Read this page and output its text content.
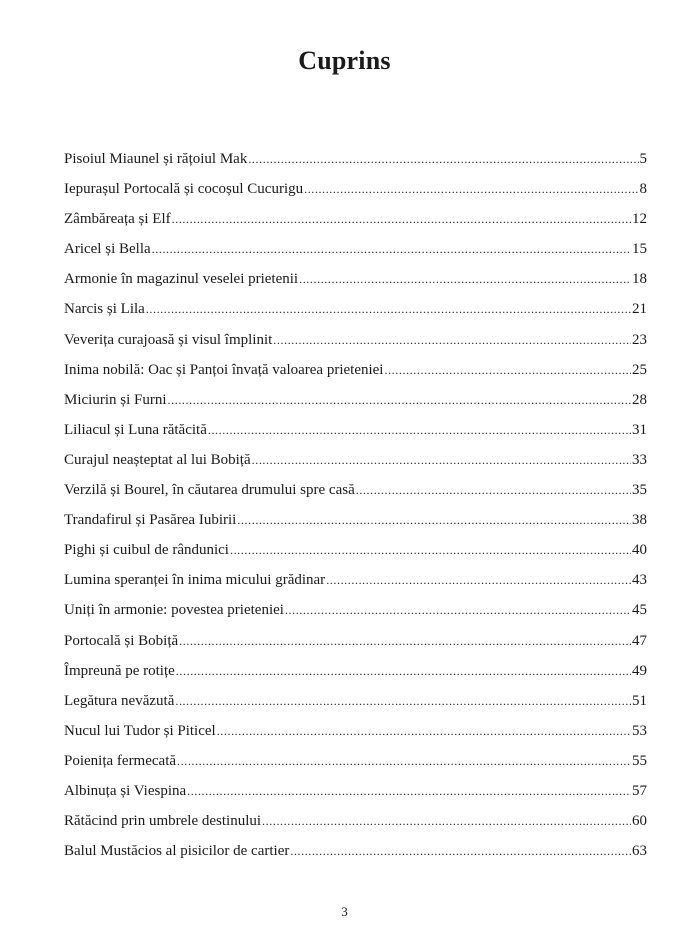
Cuprins
Pisoiul Miaunel și rățoiul Mak .....	5
Iepurașul Portocală și cocoșul Cucurigu .....	8
Zâmbăreața și Elf .....	12
Aricel și Bella .....	15
Armonie în magazinul veselei prietenii .....	18
Narcis și Lila .....	21
Veverița curajoasă și visul împlinit .....	23
Inima nobilă: Oac și Panțoi învață valoarea prieteniei .....	25
Miciurin și Furni .....	28
Liliacul și Luna rătăcită .....	31
Curajul neașteptat al lui Bobiță .....	33
Verzilă și Bourel, în căutarea drumului spre casă .....	35
Trandafirul și Pasărea Iubirii .....	38
Pighi și cuibul de rândunici .....	40
Lumina speranței în inima micului grădinar .....	43
Uniți în armonie: povestea prieteniei .....	45
Portocală și Bobiță .....	47
Împreună pe rotițe .....	49
Legătura nevăzută .....	51
Nucul lui Tudor și Piticel .....	53
Poienița fermecată .....	55
Albinuța și Viespina .....	57
Rătăcind prin umbrele destinului .....	60
Balul Mustăcios al pisicilor de cartier .....	63
3
